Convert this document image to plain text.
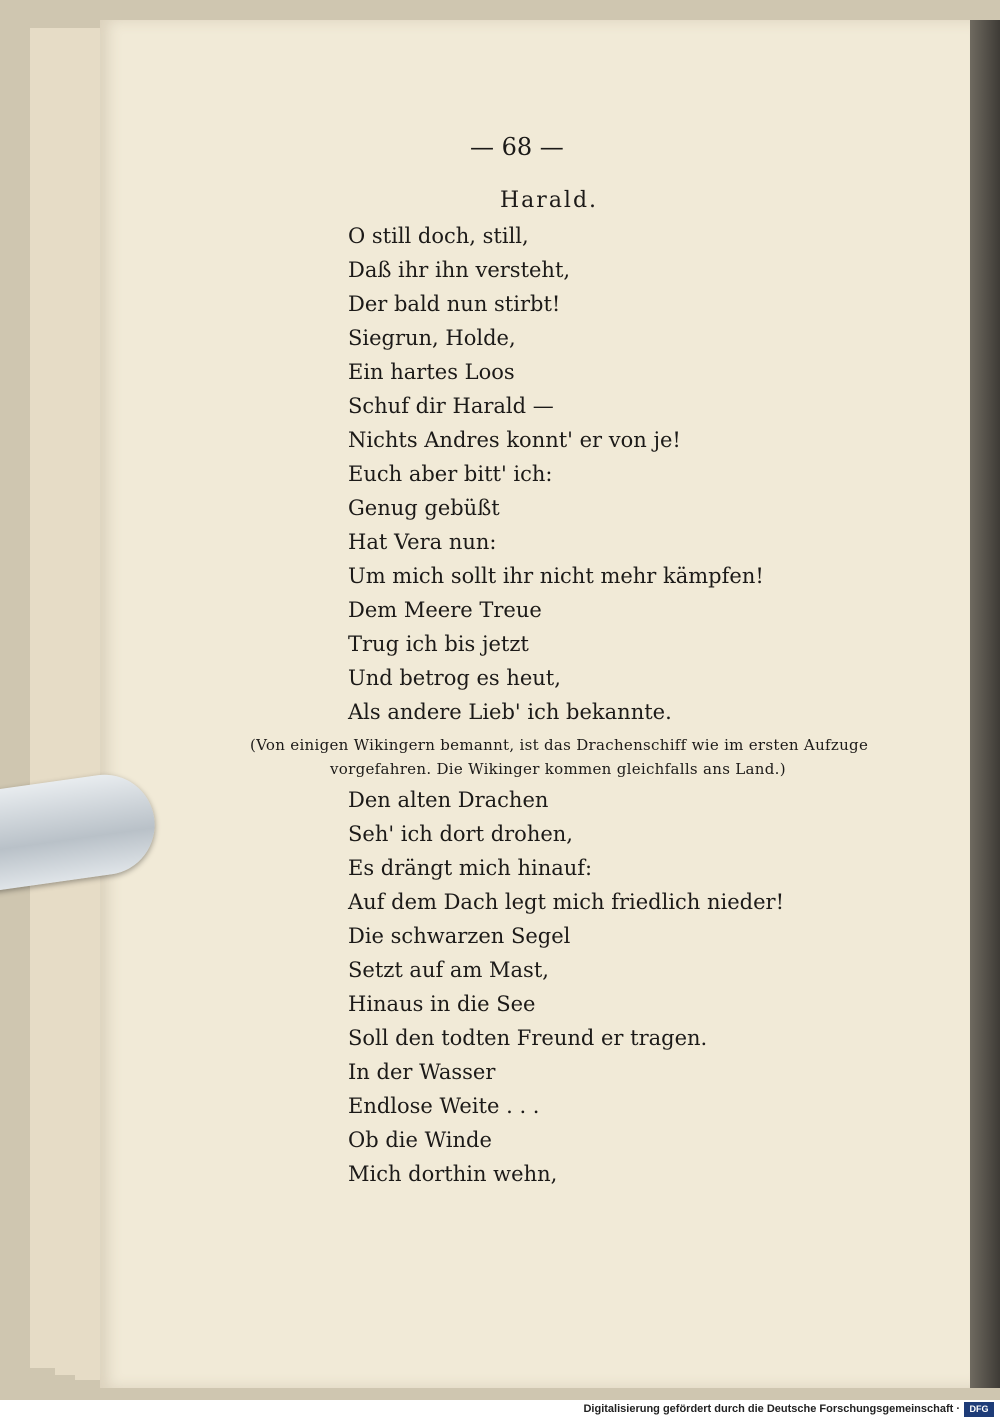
— 68 —
Harald.
O still doch, still,
Daß ihr ihn versteht,
Der bald nun stirbt!
Siegrun, Holde,
Ein hartes Loos
Schuf dir Harald —
Nichts Andres konnt' er von je!
Euch aber bitt' ich:
Genug gebüßt
Hat Vera nun:
Um mich sollt ihr nicht mehr kämpfen!
Dem Meere Treue
Trug ich bis jetzt
Und betrog es heut,
Als andere Lieb' ich bekannte.
(Von einigen Wikingern bemannt, ist das Drachenschiff wie im ersten Aufzuge
vorgefahren. Die Wikinger kommen gleichfalls ans Land.)
Den alten Drachen
Seh' ich dort drohen,
Es drängt mich hinauf:
Auf dem Dach legt mich friedlich nieder!
Die schwarzen Segel
Setzt auf am Mast,
Hinaus in die See
Soll den todten Freund er tragen.
In der Wasser
Endlose Weite . . .
Ob die Winde
Mich dorthin wehn,
Digitalisierung gefördert durch die Deutsche Forschungsgemeinschaft ·	DFG
